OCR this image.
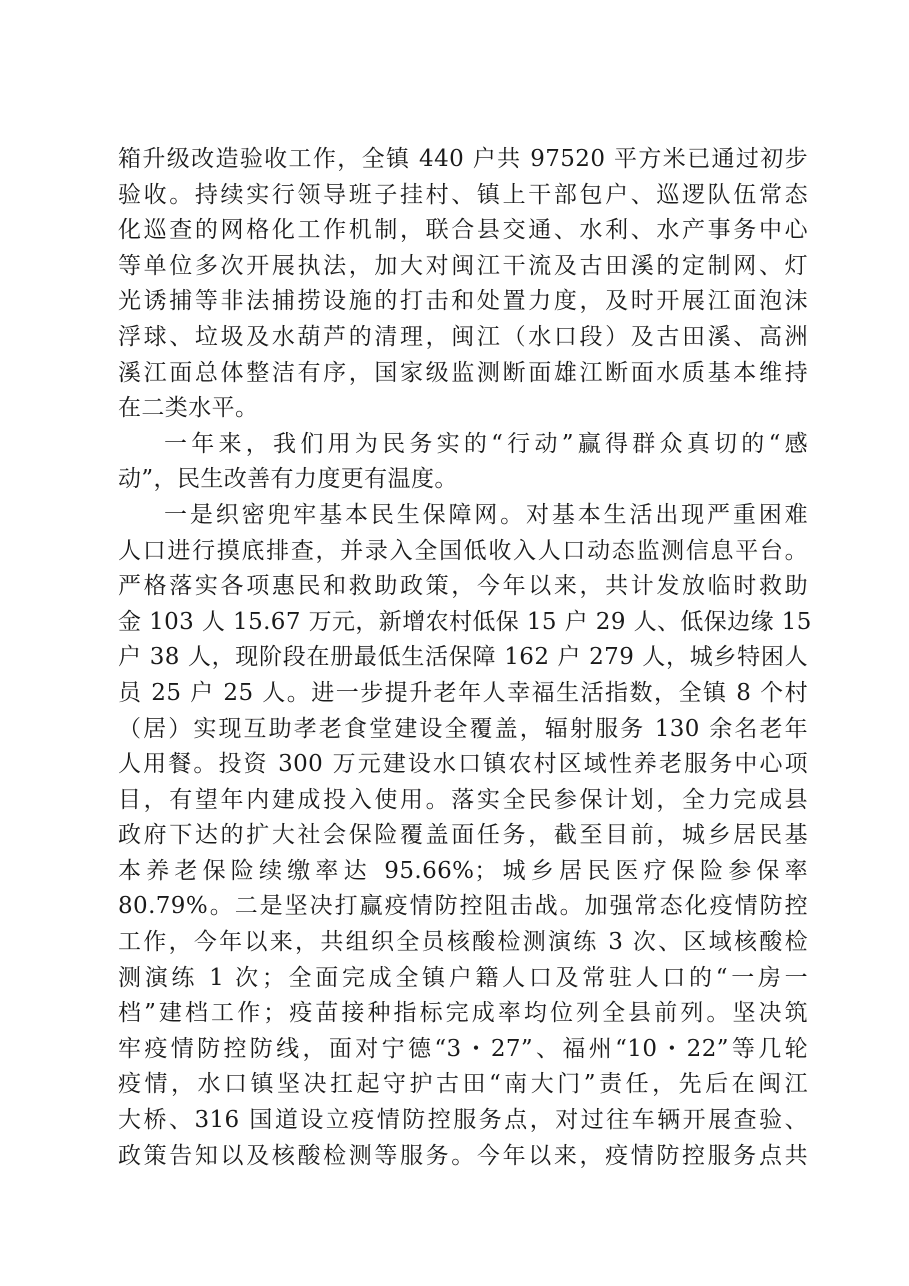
箱升级改造验收工作，全镇 440 户共 97520 平方米已通过初步
验收。持续实行领导班子挂村、镇上干部包户、巡逻队伍常态
化巡查的网格化工作机制，联合县交通、水利、水产事务中心
等单位多次开展执法，加大对闽江干流及古田溪的定制网、灯
光诱捕等非法捕捞设施的打击和处置力度，及时开展江面泡沫
浮球、垃圾及水葫芦的清理，闽江（水口段）及古田溪、高洲
溪江面总体整洁有序，国家级监测断面雄江断面水质基本维持
在二类水平。
一年来，我们用为民务实的“行动”赢得群众真切的“感
动”，民生改善有力度更有温度。
一是织密兜牢基本民生保障网。对基本生活出现严重困难
人口进行摸底排查，并录入全国低收入人口动态监测信息平台。
严格落实各项惠民和救助政策，今年以来，共计发放临时救助
金 103 人 15.67 万元，新增农村低保 15 户 29 人、低保边缘 15
户 38 人，现阶段在册最低生活保障 162 户 279 人，城乡特困人
员 25 户 25 人。进一步提升老年人幸福生活指数，全镇 8 个村
（居）实现互助孝老食堂建设全覆盖，辐射服务 130 余名老年
人用餐。投资 300 万元建设水口镇农村区域性养老服务中心项
目，有望年内建成投入使用。落实全民参保计划，全力完成县
政府下达的扩大社会保险覆盖面任务，截至目前，城乡居民基
本养老保险续缴率达 95.66%；城乡居民医疗保险参保率
80.79%。二是坚决打赢疫情防控阻击战。加强常态化疫情防控
工作，今年以来，共组织全员核酸检测演练 3 次、区域核酸检
测演练 1 次；全面完成全镇户籍人口及常驻人口的“一房一
档”建档工作；疫苗接种指标完成率均位列全县前列。坚决筑
牢疫情防控防线，面对宁德“3・27”、福州“10・22”等几轮
疫情，水口镇坚决扛起守护古田“南大门”责任，先后在闽江
大桥、316 国道设立疫情防控服务点，对过往车辆开展查验、
政策告知以及核酸检测等服务。今年以来，疫情防控服务点共
